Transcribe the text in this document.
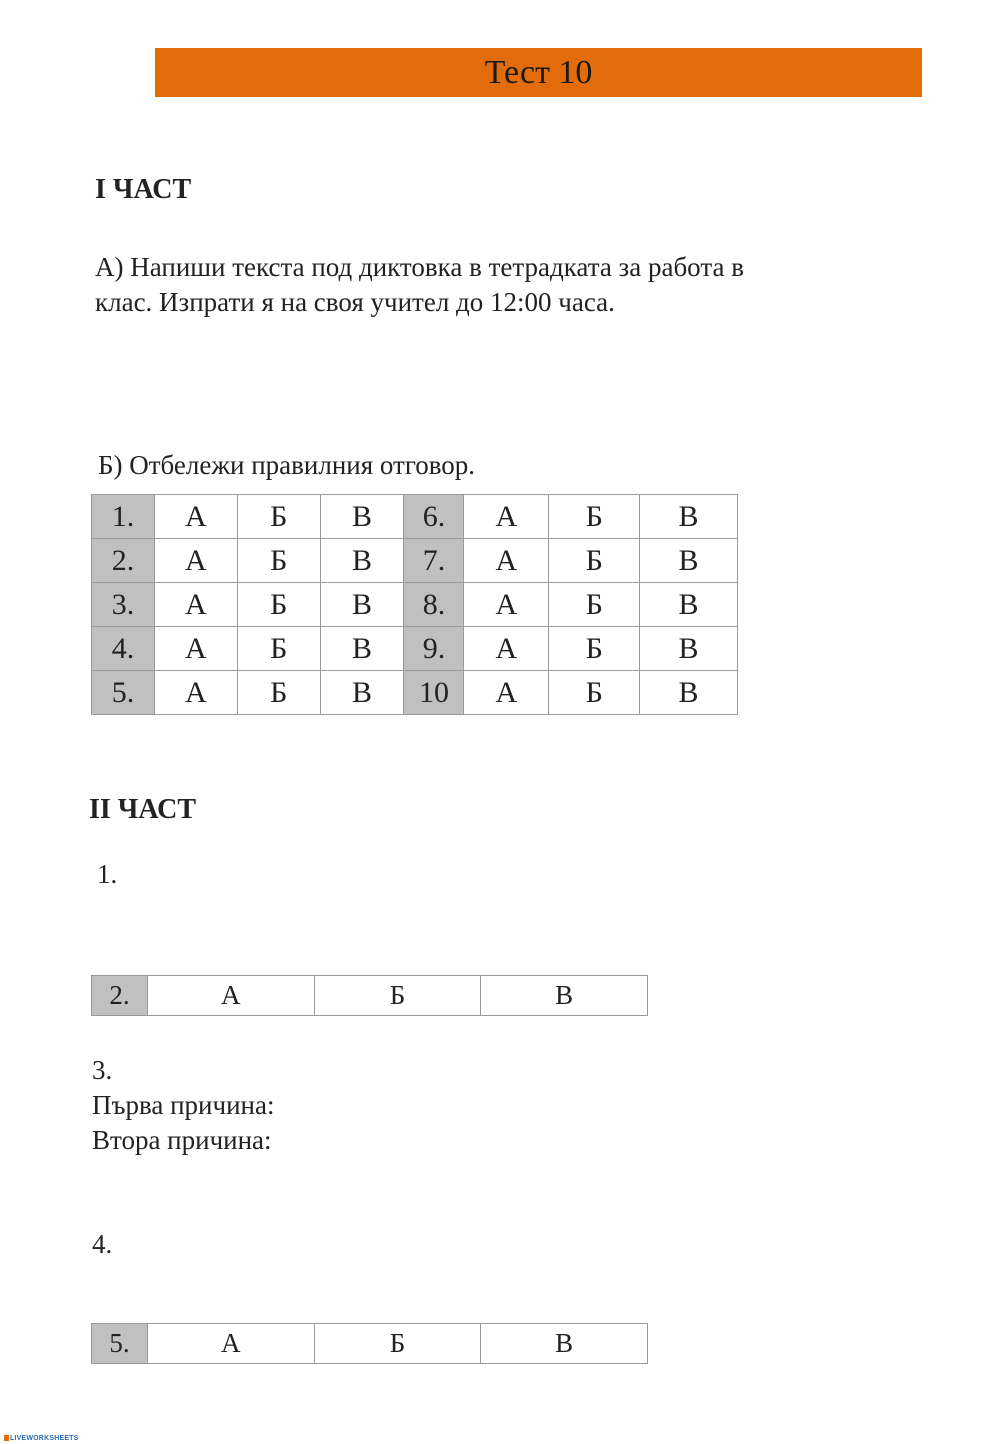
Тест 10
I ЧАСТ
А) Напиши текста под диктовка в тетрадката за работа в
клас. Изпрати я на своя учител до 12:00 часа.
Б) Отбележи правилния отговор.
1.	А	Б	В	6.	А	Б	В
2.	А	Б	В	7.	А	Б	В
3.	А	Б	В	8.	А	Б	В
4.	А	Б	В	9.	А	Б	В
5.	А	Б	В	10	А	Б	В
II ЧАСТ
1.
2.	А	Б	В
3.
Първа причина:
Втора причина:
4.
5.	А	Б	В
LIVEWORKSHEETS
